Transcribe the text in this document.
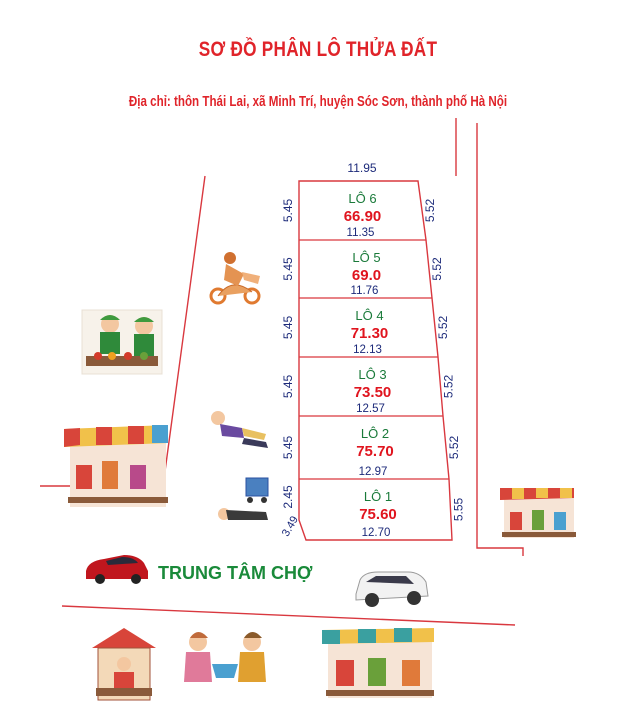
SƠ ĐỒ PHÂN LÔ THỬA ĐẤT
Địa chỉ: thôn Thái Lai, xã Minh Trí, huyện Sóc Sơn, thành phố Hà Nội
11.95
LÔ 6
66.90
11.35
5.45	5.52
LÔ 5
69.0
11.76
5.45	5.52
LÔ 4
71.30
12.13
5.45	5.52
LÔ 3
73.50
12.57
5.45	5.52
LÔ 2
75.70
12.97
5.45	5.52
LÔ 1
75.60
12.70
2.45
5.55
3.49
TRUNG TÂM CHỢ
